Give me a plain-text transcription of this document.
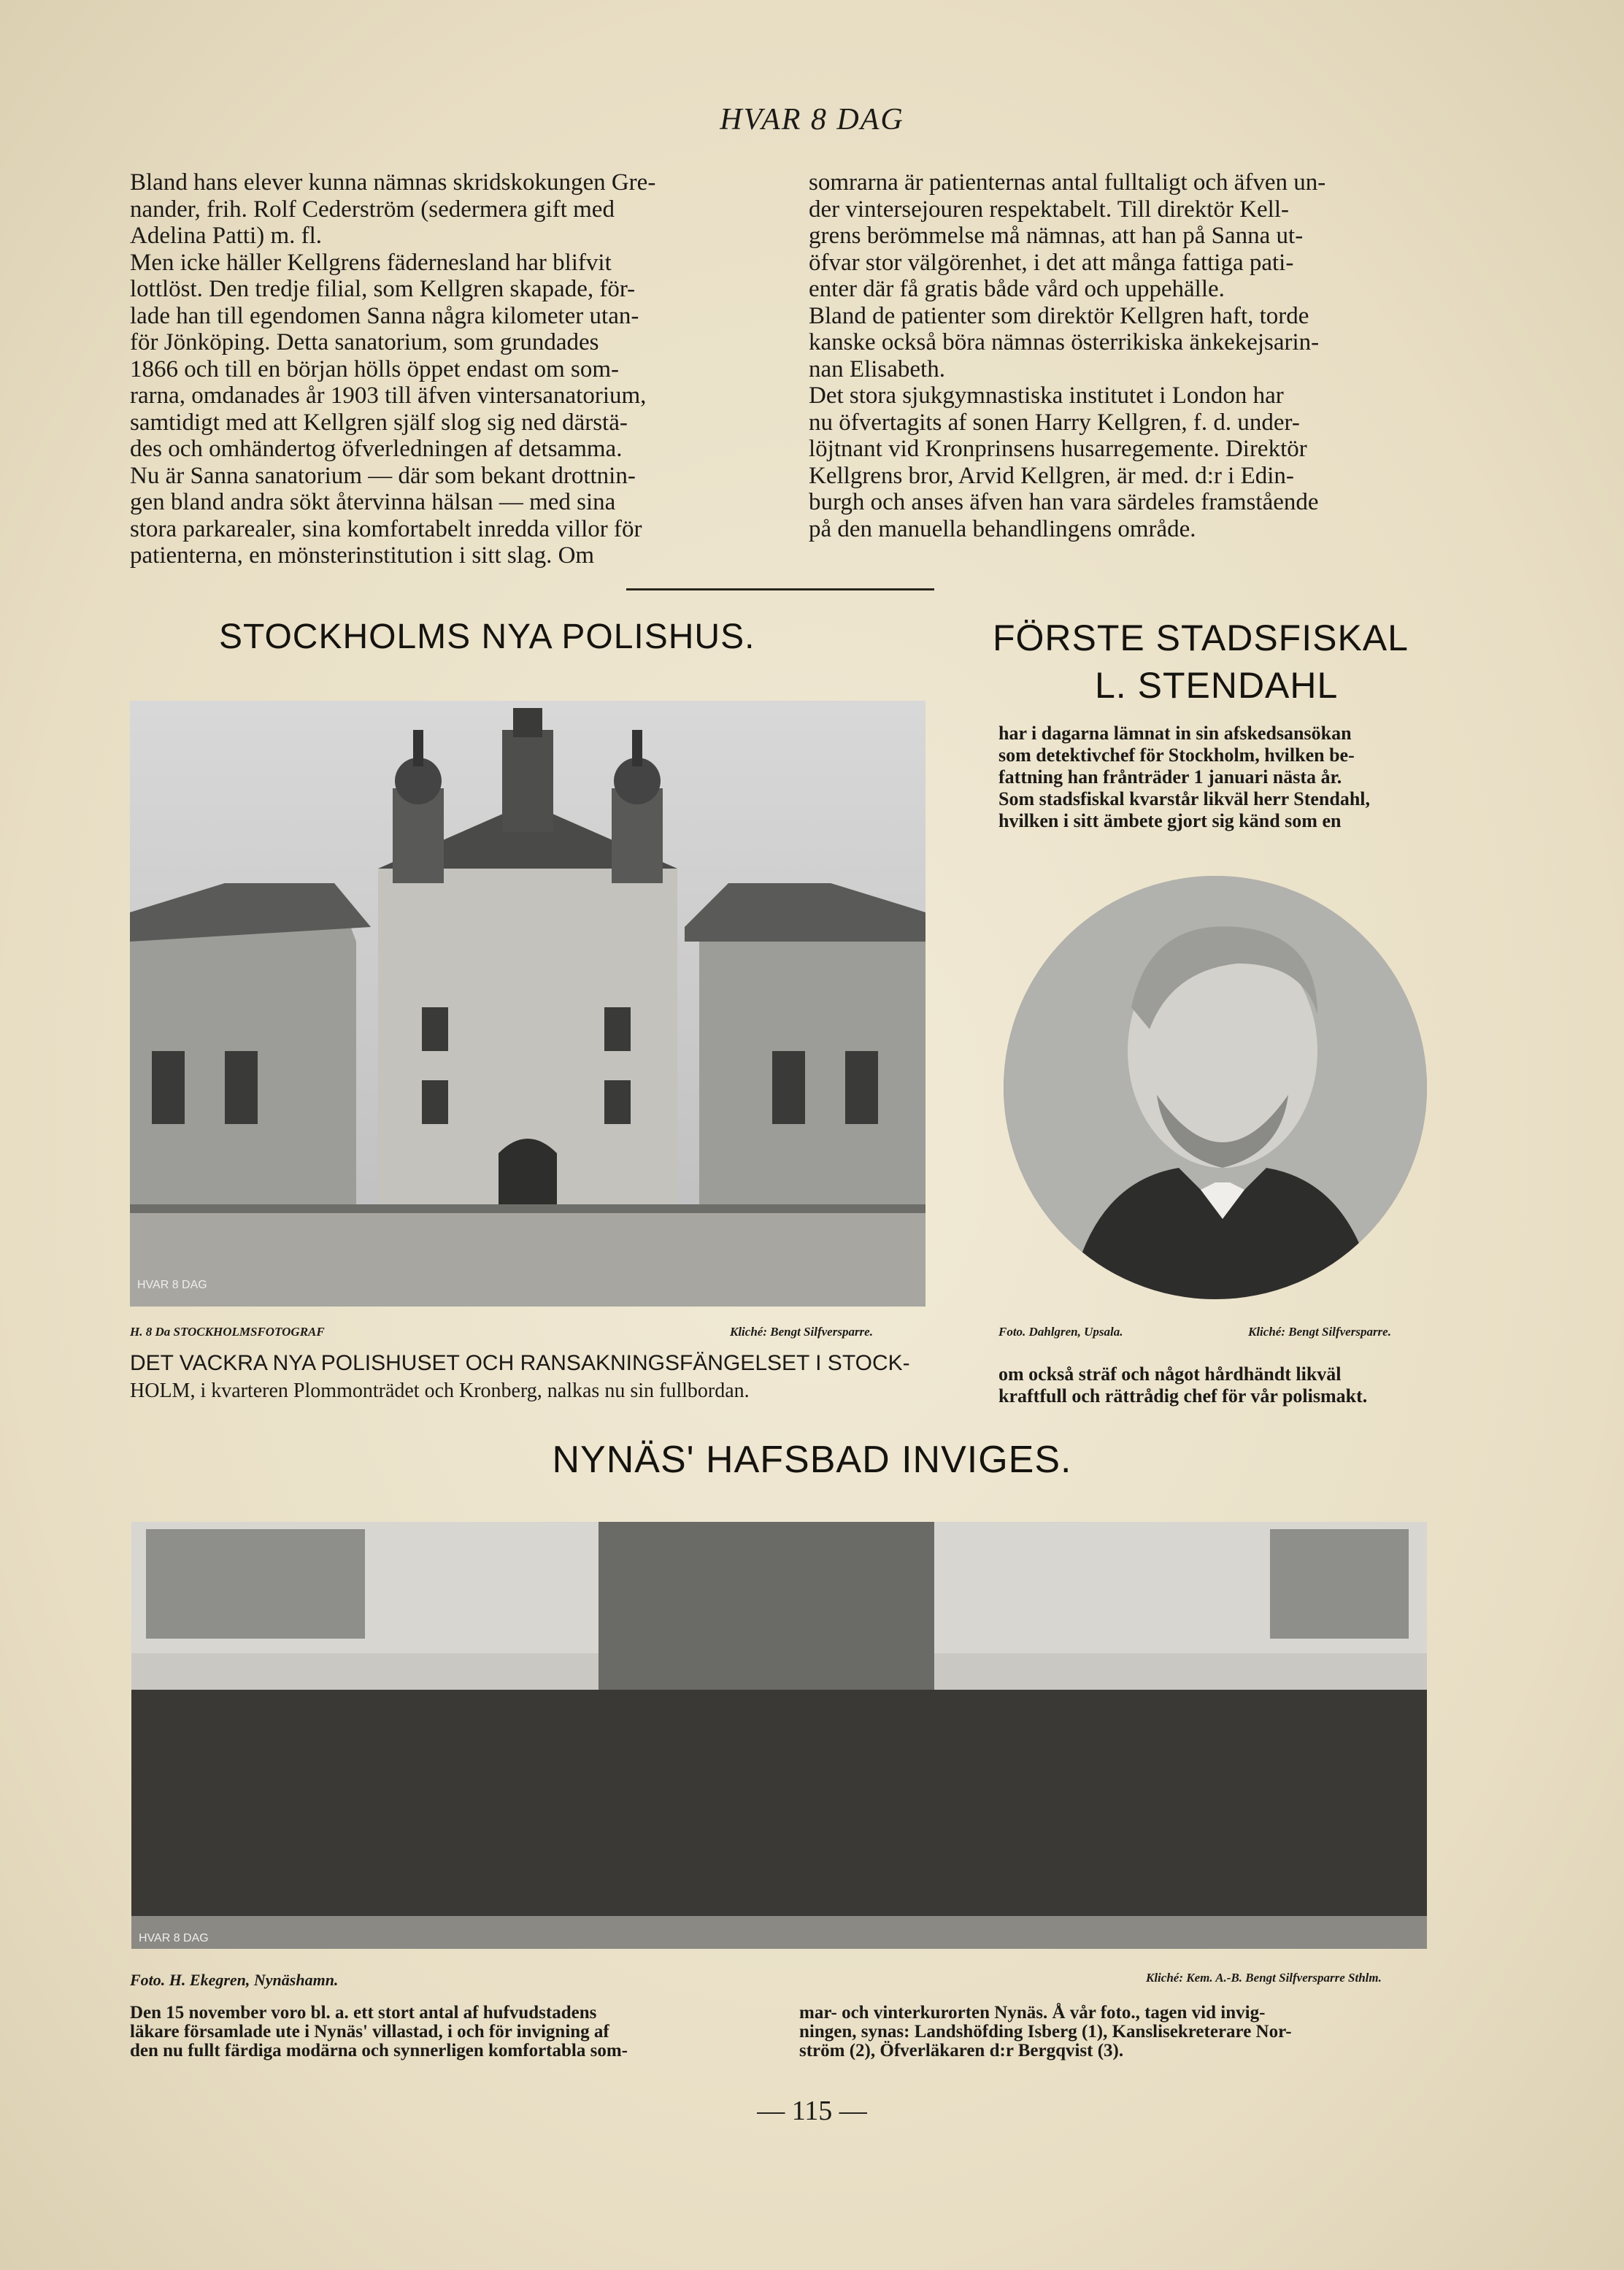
HVAR 8 DAG
Bland hans elever kunna nämnas skridskokungen Gre-
nander, frih. Rolf Cederström (sedermera gift med
Adelina Patti) m. fl.
Men icke häller Kellgrens fädernesland har blifvit
lottlöst. Den tredje filial, som Kellgren skapade, för-
lade han till egendomen Sanna några kilometer utan-
för Jönköping. Detta sanatorium, som grundades
1866 och till en början hölls öppet endast om som-
rarna, omdanades år 1903 till äfven vintersanatorium,
samtidigt med att Kellgren själf slog sig ned därstä-
des och omhändertog öfverledningen af detsamma.
Nu är Sanna sanatorium — där som bekant drottnin-
gen bland andra sökt återvinna hälsan — med sina
stora parkarealer, sina komfortabelt inredda villor för
patienterna, en mönsterinstitution i sitt slag. Om
somrarna är patienternas antal fulltaligt och äfven un-
der vintersejouren respektabelt. Till direktör Kell-
grens berömmelse må nämnas, att han på Sanna ut-
öfvar stor välgörenhet, i det att många fattiga pati-
enter där få gratis både vård och uppehälle.
Bland de patienter som direktör Kellgren haft, torde
kanske också böra nämnas österrikiska änkekejsarin-
nan Elisabeth.
Det stora sjukgymnastiska institutet i London har
nu öfvertagits af sonen Harry Kellgren, f. d. under-
löjtnant vid Kronprinsens husarregemente. Direktör
Kellgrens bror, Arvid Kellgren, är med. d:r i Edin-
burgh och anses äfven han vara särdeles framstående
på den manuella behandlingens område.
STOCKHOLMS NYA POLISHUS.
HVAR 8 DAG
H. 8 Da STOCKHOLMSFOTOGRAF	Kliché: Bengt Silfversparre.
DET VACKRA NYA POLISHUSET OCH RANSAKNINGSFÄNGELSET I STOCK-
HOLM, i kvarteren Plommonträdet och Kronberg, nalkas nu sin fullbordan.
FÖRSTE STADSFISKAL
L. STENDAHL
har i dagarna lämnat in sin afskedsansökan
som detektivchef för Stockholm, hvilken be-
fattning han frånträder 1 januari nästa år.
Som stadsfiskal kvarstår likväl herr Stendahl,
hvilken i sitt ämbete gjort sig känd som en
Foto. Dahlgren, Upsala.	Kliché: Bengt Silfversparre.
om också sträf och något hårdhändt likväl
kraftfull och rättrådig chef för vår polismakt.
NYNÄS' HAFSBAD INVIGES.
HVAR 8 DAG
Foto. H. Ekegren, Nynäshamn.	Kliché: Kem. A.-B. Bengt Silfversparre Sthlm.
Den 15 november voro bl. a. ett stort antal af hufvudstadens
läkare församlade ute i Nynäs' villastad, i och för invigning af
den nu fullt färdiga modärna och synnerligen komfortabla som-
mar- och vinterkurorten Nynäs. Å vår foto., tagen vid invig-
ningen, synas: Landshöfding Isberg (1), Kanslisekreterare Nor-
ström (2), Öfverläkaren d:r Bergqvist (3).
— 115 —
